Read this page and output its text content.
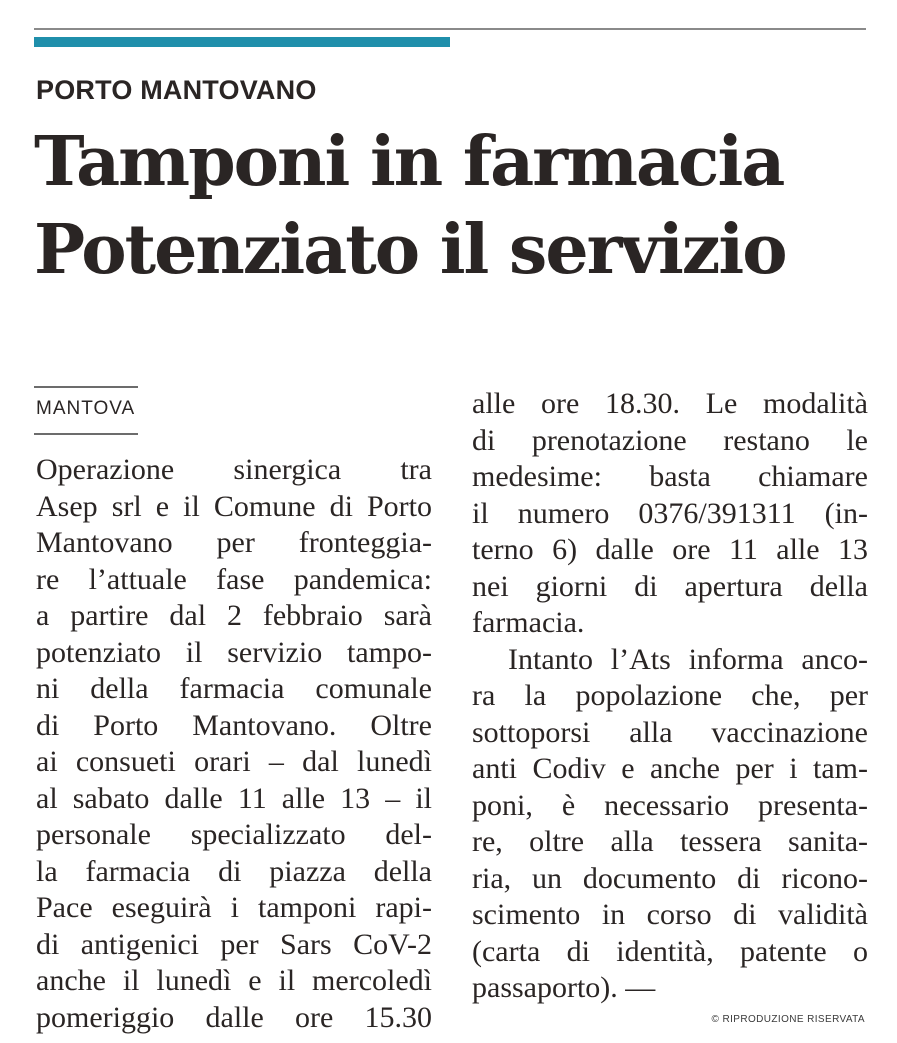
PORTO MANTOVANO
Tamponi in farmacia
Potenziato il servizio
MANTOVA
Operazione sinergica tra
Asep srl e il Comune di Porto
Mantovano per fronteggia-
re l’attuale fase pandemica:
a partire dal 2 febbraio sarà
potenziato il servizio tampo-
ni della farmacia comunale
di Porto Mantovano. Oltre
ai consueti orari – dal lunedì
al sabato dalle 11 alle 13 – il
personale specializzato del-
la farmacia di piazza della
Pace eseguirà i tamponi rapi-
di antigenici per Sars CoV-2
anche il lunedì e il mercoledì
pomeriggio dalle ore 15.30
alle ore 18.30. Le modalità
di prenotazione restano le
medesime: basta chiamare
il numero 0376/391311 (in-
terno 6) dalle ore 11 alle 13
nei giorni di apertura della
farmacia.
Intanto l’Ats informa anco-
ra la popolazione che, per
sottoporsi alla vaccinazione
anti Codiv e anche per i tam-
poni, è necessario presenta-
re, oltre alla tessera sanita-
ria, un documento di ricono-
scimento in corso di validità
(carta di identità, patente o
passaporto). —
© RIPRODUZIONE RISERVATA
